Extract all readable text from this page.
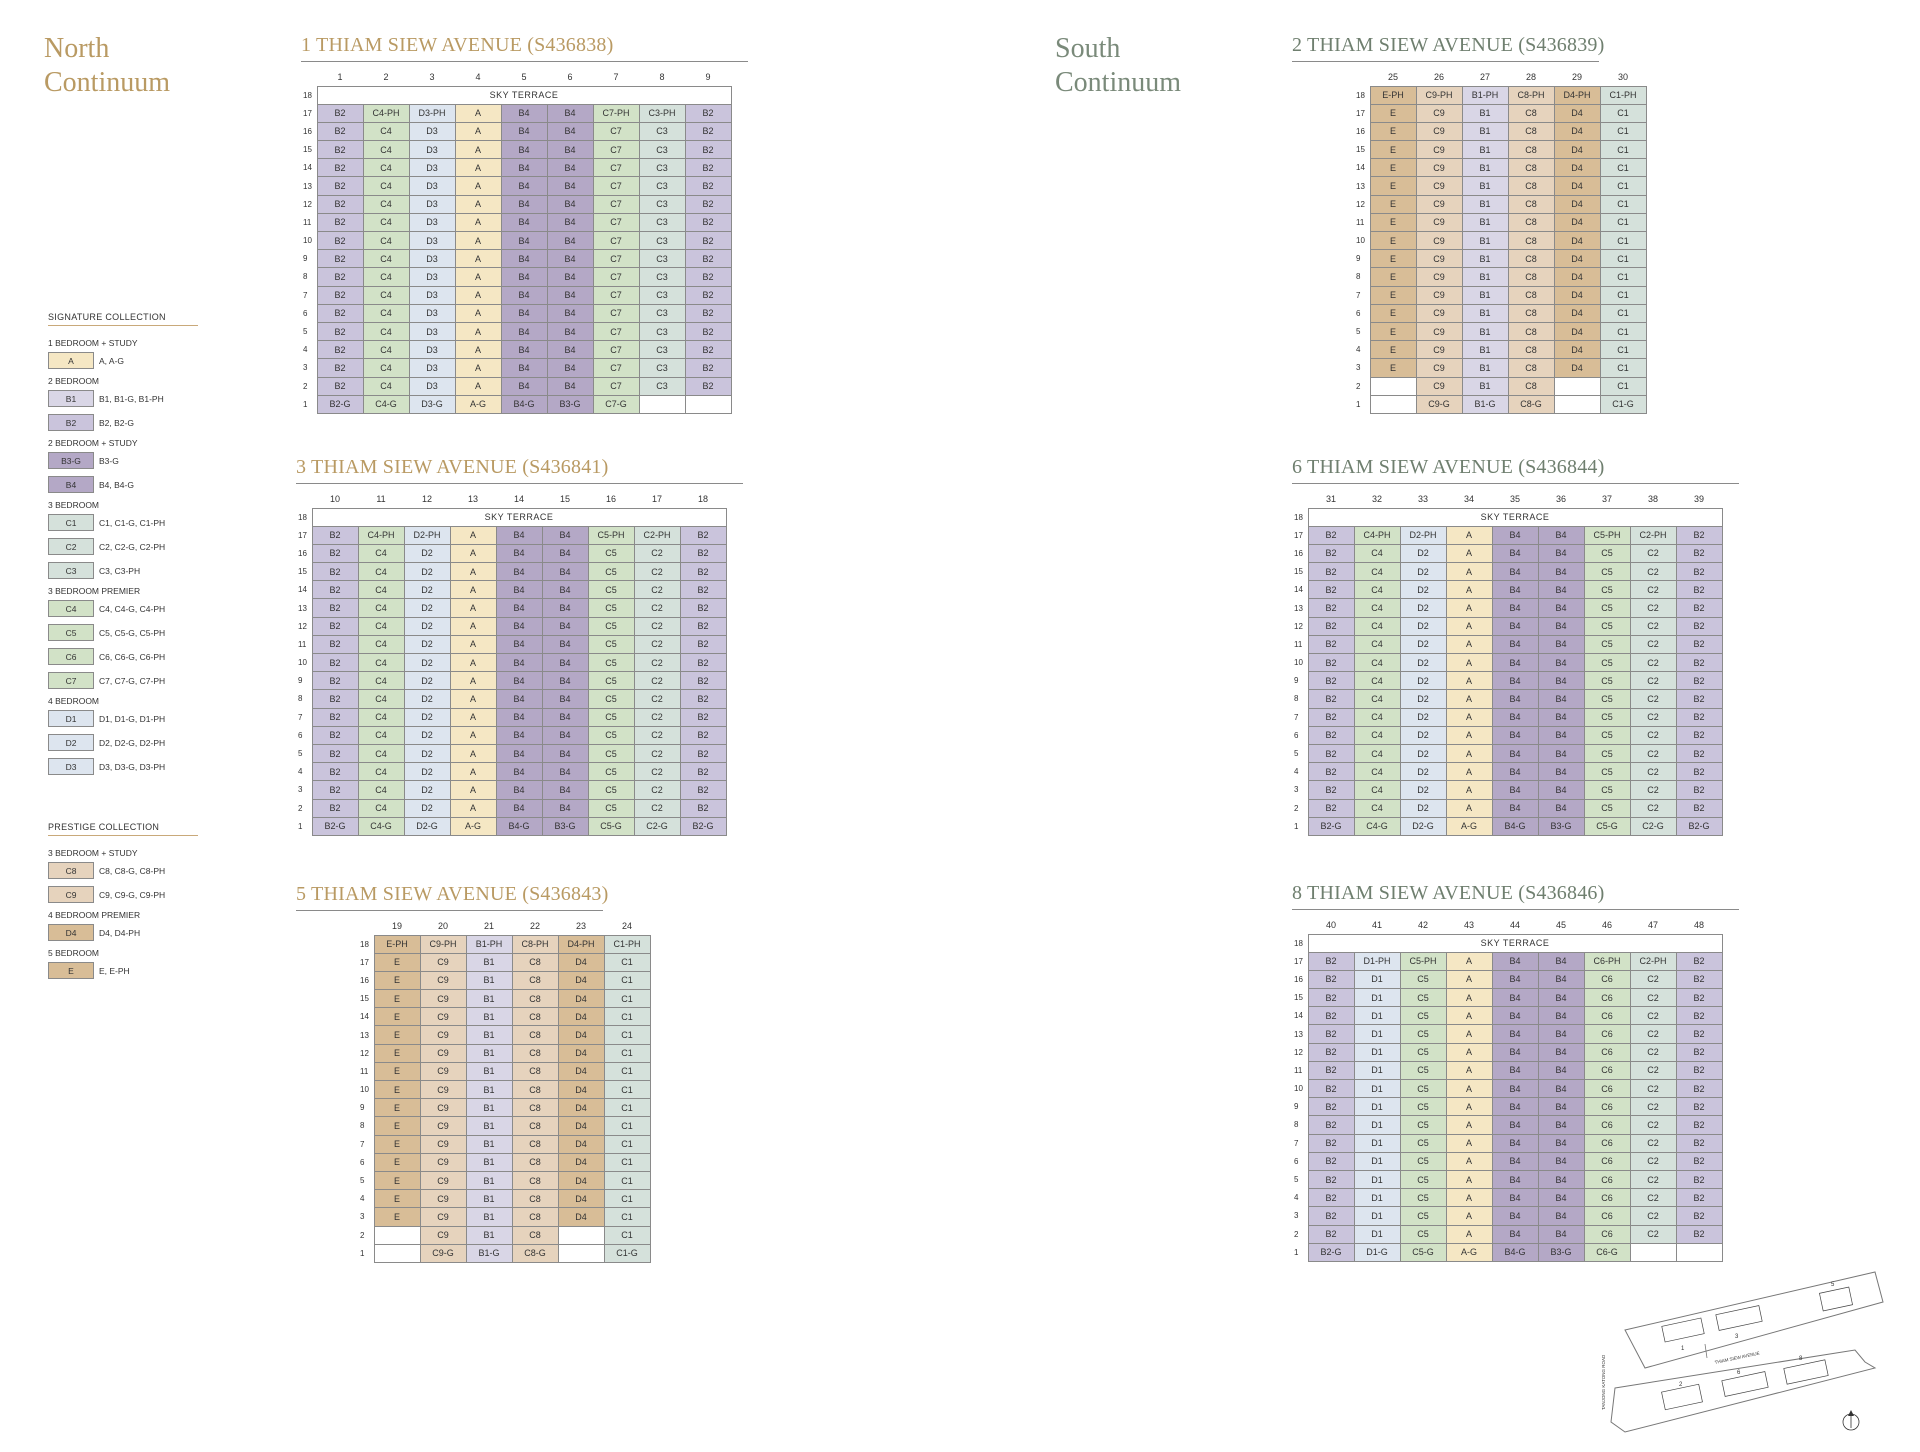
North
Continuum
South
Continuum
SIGNATURE COLLECTION
1 BEDROOM + STUDY
A	A, A-G
2 BEDROOM
B1	B1, B1-G, B1-PH
B2	B2, B2-G
2 BEDROOM + STUDY
B3-G	B3-G
B4	B4, B4-G
3 BEDROOM
C1	C1, C1-G, C1-PH
C2	C2, C2-G, C2-PH
C3	C3, C3-PH
3 BEDROOM PREMIER
C4	C4, C4-G, C4-PH
C5	C5, C5-G, C5-PH
C6	C6, C6-G, C6-PH
C7	C7, C7-G, C7-PH
4 BEDROOM
D1	D1, D1-G, D1-PH
D2	D2, D2-G, D2-PH
D3	D3, D3-G, D3-PH
PRESTIGE COLLECTION
3 BEDROOM + STUDY
C8	C8, C8-G, C8-PH
C9	C9, C9-G, C9-PH
4 BEDROOM PREMIER
D4	D4, D4-PH
5 BEDROOM
E	E, E-PH
1 THIAM SIEW AVENUE (S436838)
	1	2	3	4	5	6	7	8	9
18	SKY TERRACE								
17	B2	C4-PH	D3-PH	A	B4	B4	C7-PH	C3-PH	B2
16	B2	C4	D3	A	B4	B4	C7	C3	B2
15	B2	C4	D3	A	B4	B4	C7	C3	B2
14	B2	C4	D3	A	B4	B4	C7	C3	B2
13	B2	C4	D3	A	B4	B4	C7	C3	B2
12	B2	C4	D3	A	B4	B4	C7	C3	B2
11	B2	C4	D3	A	B4	B4	C7	C3	B2
10	B2	C4	D3	A	B4	B4	C7	C3	B2
9	B2	C4	D3	A	B4	B4	C7	C3	B2
8	B2	C4	D3	A	B4	B4	C7	C3	B2
7	B2	C4	D3	A	B4	B4	C7	C3	B2
6	B2	C4	D3	A	B4	B4	C7	C3	B2
5	B2	C4	D3	A	B4	B4	C7	C3	B2
4	B2	C4	D3	A	B4	B4	C7	C3	B2
3	B2	C4	D3	A	B4	B4	C7	C3	B2
2	B2	C4	D3	A	B4	B4	C7	C3	B2
1	B2-G	C4-G	D3-G	A-G	B4-G	B3-G	C7-G		
3 THIAM SIEW AVENUE (S436841)
	10	11	12	13	14	15	16	17	18
18	SKY TERRACE								
17	B2	C4-PH	D2-PH	A	B4	B4	C5-PH	C2-PH	B2
16	B2	C4	D2	A	B4	B4	C5	C2	B2
15	B2	C4	D2	A	B4	B4	C5	C2	B2
14	B2	C4	D2	A	B4	B4	C5	C2	B2
13	B2	C4	D2	A	B4	B4	C5	C2	B2
12	B2	C4	D2	A	B4	B4	C5	C2	B2
11	B2	C4	D2	A	B4	B4	C5	C2	B2
10	B2	C4	D2	A	B4	B4	C5	C2	B2
9	B2	C4	D2	A	B4	B4	C5	C2	B2
8	B2	C4	D2	A	B4	B4	C5	C2	B2
7	B2	C4	D2	A	B4	B4	C5	C2	B2
6	B2	C4	D2	A	B4	B4	C5	C2	B2
5	B2	C4	D2	A	B4	B4	C5	C2	B2
4	B2	C4	D2	A	B4	B4	C5	C2	B2
3	B2	C4	D2	A	B4	B4	C5	C2	B2
2	B2	C4	D2	A	B4	B4	C5	C2	B2
1	B2-G	C4-G	D2-G	A-G	B4-G	B3-G	C5-G	C2-G	B2-G
5 THIAM SIEW AVENUE (S436843)
	19	20	21	22	23	24
18	E-PH	C9-PH	B1-PH	C8-PH	D4-PH	C1-PH
17	E	C9	B1	C8	D4	C1
16	E	C9	B1	C8	D4	C1
15	E	C9	B1	C8	D4	C1
14	E	C9	B1	C8	D4	C1
13	E	C9	B1	C8	D4	C1
12	E	C9	B1	C8	D4	C1
11	E	C9	B1	C8	D4	C1
10	E	C9	B1	C8	D4	C1
9	E	C9	B1	C8	D4	C1
8	E	C9	B1	C8	D4	C1
7	E	C9	B1	C8	D4	C1
6	E	C9	B1	C8	D4	C1
5	E	C9	B1	C8	D4	C1
4	E	C9	B1	C8	D4	C1
3	E	C9	B1	C8	D4	C1
2		C9	B1	C8		C1
1		C9-G	B1-G	C8-G		C1-G
2 THIAM SIEW AVENUE (S436839)
	25	26	27	28	29	30
18	E-PH	C9-PH	B1-PH	C8-PH	D4-PH	C1-PH
17	E	C9	B1	C8	D4	C1
16	E	C9	B1	C8	D4	C1
15	E	C9	B1	C8	D4	C1
14	E	C9	B1	C8	D4	C1
13	E	C9	B1	C8	D4	C1
12	E	C9	B1	C8	D4	C1
11	E	C9	B1	C8	D4	C1
10	E	C9	B1	C8	D4	C1
9	E	C9	B1	C8	D4	C1
8	E	C9	B1	C8	D4	C1
7	E	C9	B1	C8	D4	C1
6	E	C9	B1	C8	D4	C1
5	E	C9	B1	C8	D4	C1
4	E	C9	B1	C8	D4	C1
3	E	C9	B1	C8	D4	C1
2		C9	B1	C8		C1
1		C9-G	B1-G	C8-G		C1-G
6 THIAM SIEW AVENUE (S436844)
	31	32	33	34	35	36	37	38	39
18	SKY TERRACE								
17	B2	C4-PH	D2-PH	A	B4	B4	C5-PH	C2-PH	B2
16	B2	C4	D2	A	B4	B4	C5	C2	B2
15	B2	C4	D2	A	B4	B4	C5	C2	B2
14	B2	C4	D2	A	B4	B4	C5	C2	B2
13	B2	C4	D2	A	B4	B4	C5	C2	B2
12	B2	C4	D2	A	B4	B4	C5	C2	B2
11	B2	C4	D2	A	B4	B4	C5	C2	B2
10	B2	C4	D2	A	B4	B4	C5	C2	B2
9	B2	C4	D2	A	B4	B4	C5	C2	B2
8	B2	C4	D2	A	B4	B4	C5	C2	B2
7	B2	C4	D2	A	B4	B4	C5	C2	B2
6	B2	C4	D2	A	B4	B4	C5	C2	B2
5	B2	C4	D2	A	B4	B4	C5	C2	B2
4	B2	C4	D2	A	B4	B4	C5	C2	B2
3	B2	C4	D2	A	B4	B4	C5	C2	B2
2	B2	C4	D2	A	B4	B4	C5	C2	B2
1	B2-G	C4-G	D2-G	A-G	B4-G	B3-G	C5-G	C2-G	B2-G
8 THIAM SIEW AVENUE (S436846)
	40	41	42	43	44	45	46	47	48
18	SKY TERRACE								
17	B2	D1-PH	C5-PH	A	B4	B4	C6-PH	C2-PH	B2
16	B2	D1	C5	A	B4	B4	C6	C2	B2
15	B2	D1	C5	A	B4	B4	C6	C2	B2
14	B2	D1	C5	A	B4	B4	C6	C2	B2
13	B2	D1	C5	A	B4	B4	C6	C2	B2
12	B2	D1	C5	A	B4	B4	C6	C2	B2
11	B2	D1	C5	A	B4	B4	C6	C2	B2
10	B2	D1	C5	A	B4	B4	C6	C2	B2
9	B2	D1	C5	A	B4	B4	C6	C2	B2
8	B2	D1	C5	A	B4	B4	C6	C2	B2
7	B2	D1	C5	A	B4	B4	C6	C2	B2
6	B2	D1	C5	A	B4	B4	C6	C2	B2
5	B2	D1	C5	A	B4	B4	C6	C2	B2
4	B2	D1	C5	A	B4	B4	C6	C2	B2
3	B2	D1	C5	A	B4	B4	C6	C2	B2
2	B2	D1	C5	A	B4	B4	C6	C2	B2
1	B2-G	D1-G	C5-G	A-G	B4-G	B3-G	C6-G		
1
3
5
2
6
8
THIAM SIEW AVENUE
TANJONG KATONG ROAD
